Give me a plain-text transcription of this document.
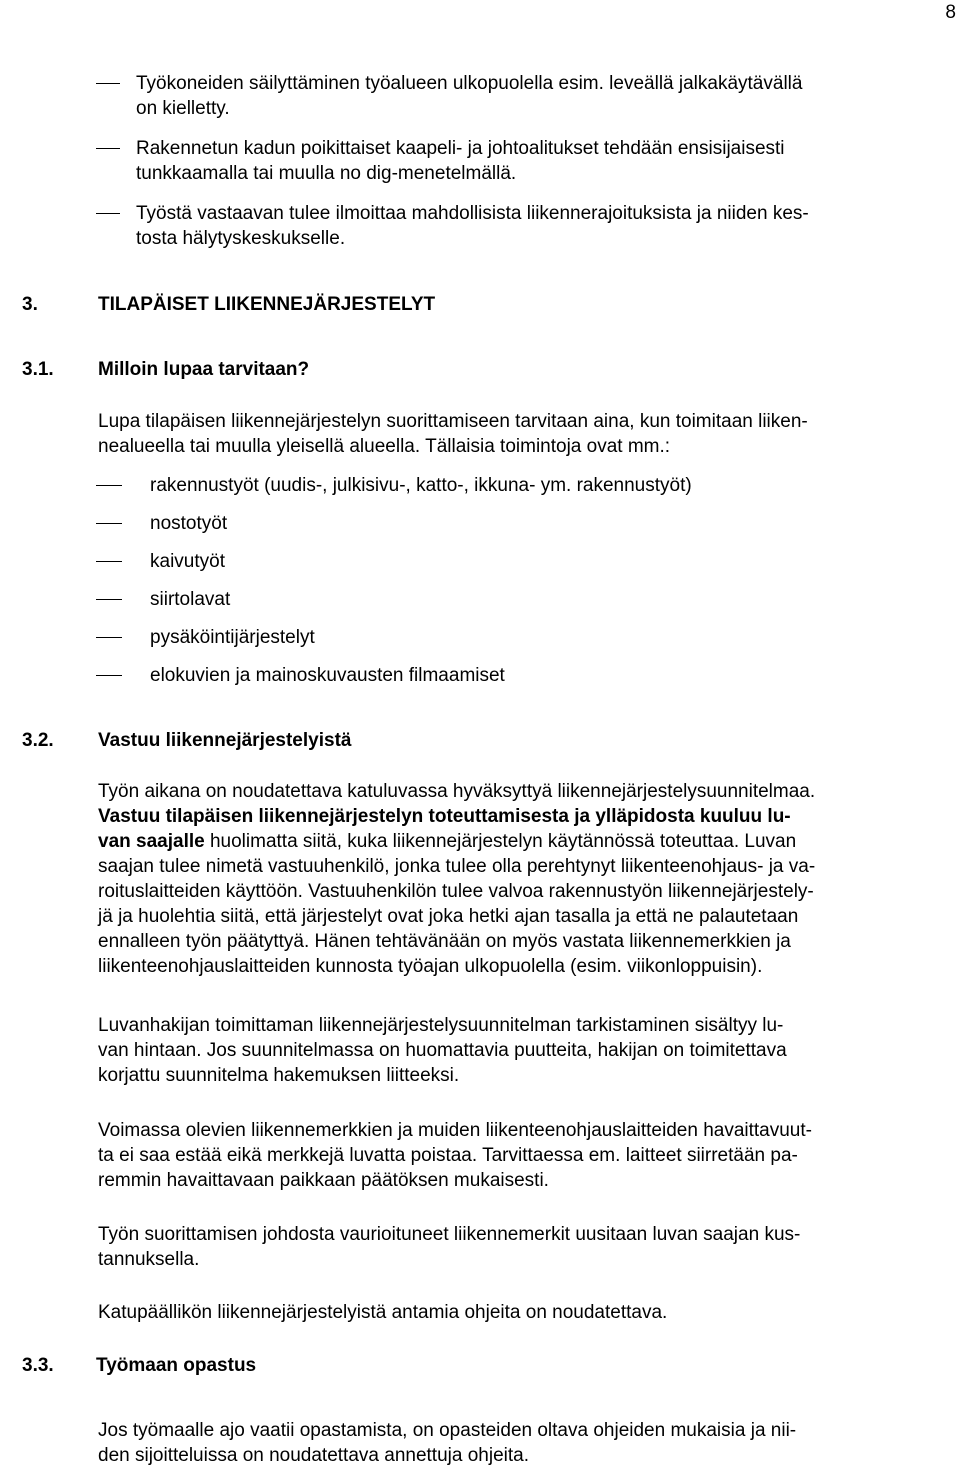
8
Työkoneiden säilyttäminen työalueen ulkopuolella esim. leveällä jalkakäytävällä
on kielletty.
Rakennetun kadun poikittaiset kaapeli- ja johtoalitukset tehdään ensisijaisesti
tunkkaamalla tai muulla no dig-menetelmällä.
Työstä vastaavan tulee ilmoittaa mahdollisista liikennerajoituksista ja niiden kes-
tosta hälytyskeskukselle.
3.	TILAPÄISET LIIKENNEJÄRJESTELYT
3.1. Milloin lupaa tarvitaan?

Lupa tilapäisen liikennejärjestelyn suorittamiseen tarvitaan aina, kun toimitaan liiken-
nealueella tai muulla yleisellä alueella. Tällaisia toimintoja ovat mm.:

rakennustyöt (uudis-, julkisivu-, katto-, ikkuna- ym. rakennustyöt)
nostotyöt
kaivutyöt
siirtolavat
pysäköintijärjestelyt
elokuvien ja mainoskuvausten filmaamiset
3.2. Vastuu liikennejärjestelyistä

Työn aikana on noudatettava katuluvassa hyväksyttyä liikennejärjestelysuunnitelmaa.
Vastuu tilapäisen liikennejärjestelyn toteuttamisesta ja ylläpidosta kuuluu lu-
van saajalle huolimatta siitä, kuka liikennejärjestelyn käytännössä toteuttaa. Luvan
saajan tulee nimetä vastuuhenkilö, jonka tulee olla perehtynyt liikenteenohjaus- ja va-
roituslaitteiden käyttöön. Vastuuhenkilön tulee valvoa rakennustyön liikennejärjestely-
jä ja huolehtia siitä, että järjestelyt ovat joka hetki ajan tasalla ja että ne palautetaan
ennalleen työn päätyttyä. Hänen tehtävänään on myös vastata liikennemerkkien ja
liikenteenohjauslaitteiden kunnosta työajan ulkopuolella (esim. viikonloppuisin).

Luvanhakijan toimittaman liikennejärjestelysuunnitelman tarkistaminen sisältyy lu-
van hintaan. Jos suunnitelmassa on huomattavia puutteita, hakijan on toimitettava
korjattu suunnitelma hakemuksen liitteeksi.

Voimassa olevien liikennemerkkien ja muiden liikenteenohjauslaitteiden havaittavuut-
ta ei saa estää eikä merkkejä luvatta poistaa. Tarvittaessa em. laitteet siirretään pa-
remmin havaittavaan paikkaan päätöksen mukaisesti.

Työn suorittamisen johdosta vaurioituneet liikennemerkit uusitaan luvan saajan kus-
tannuksella.

Katupäällikön liikennejärjestelyistä antamia ohjeita on noudatettava.

3.3. Työmaan opastus

Jos työmaalle ajo vaatii opastamista, on opasteiden oltava ohjeiden mukaisia ja nii-
den sijoitteluissa on noudatettava annettuja ohjeita.
